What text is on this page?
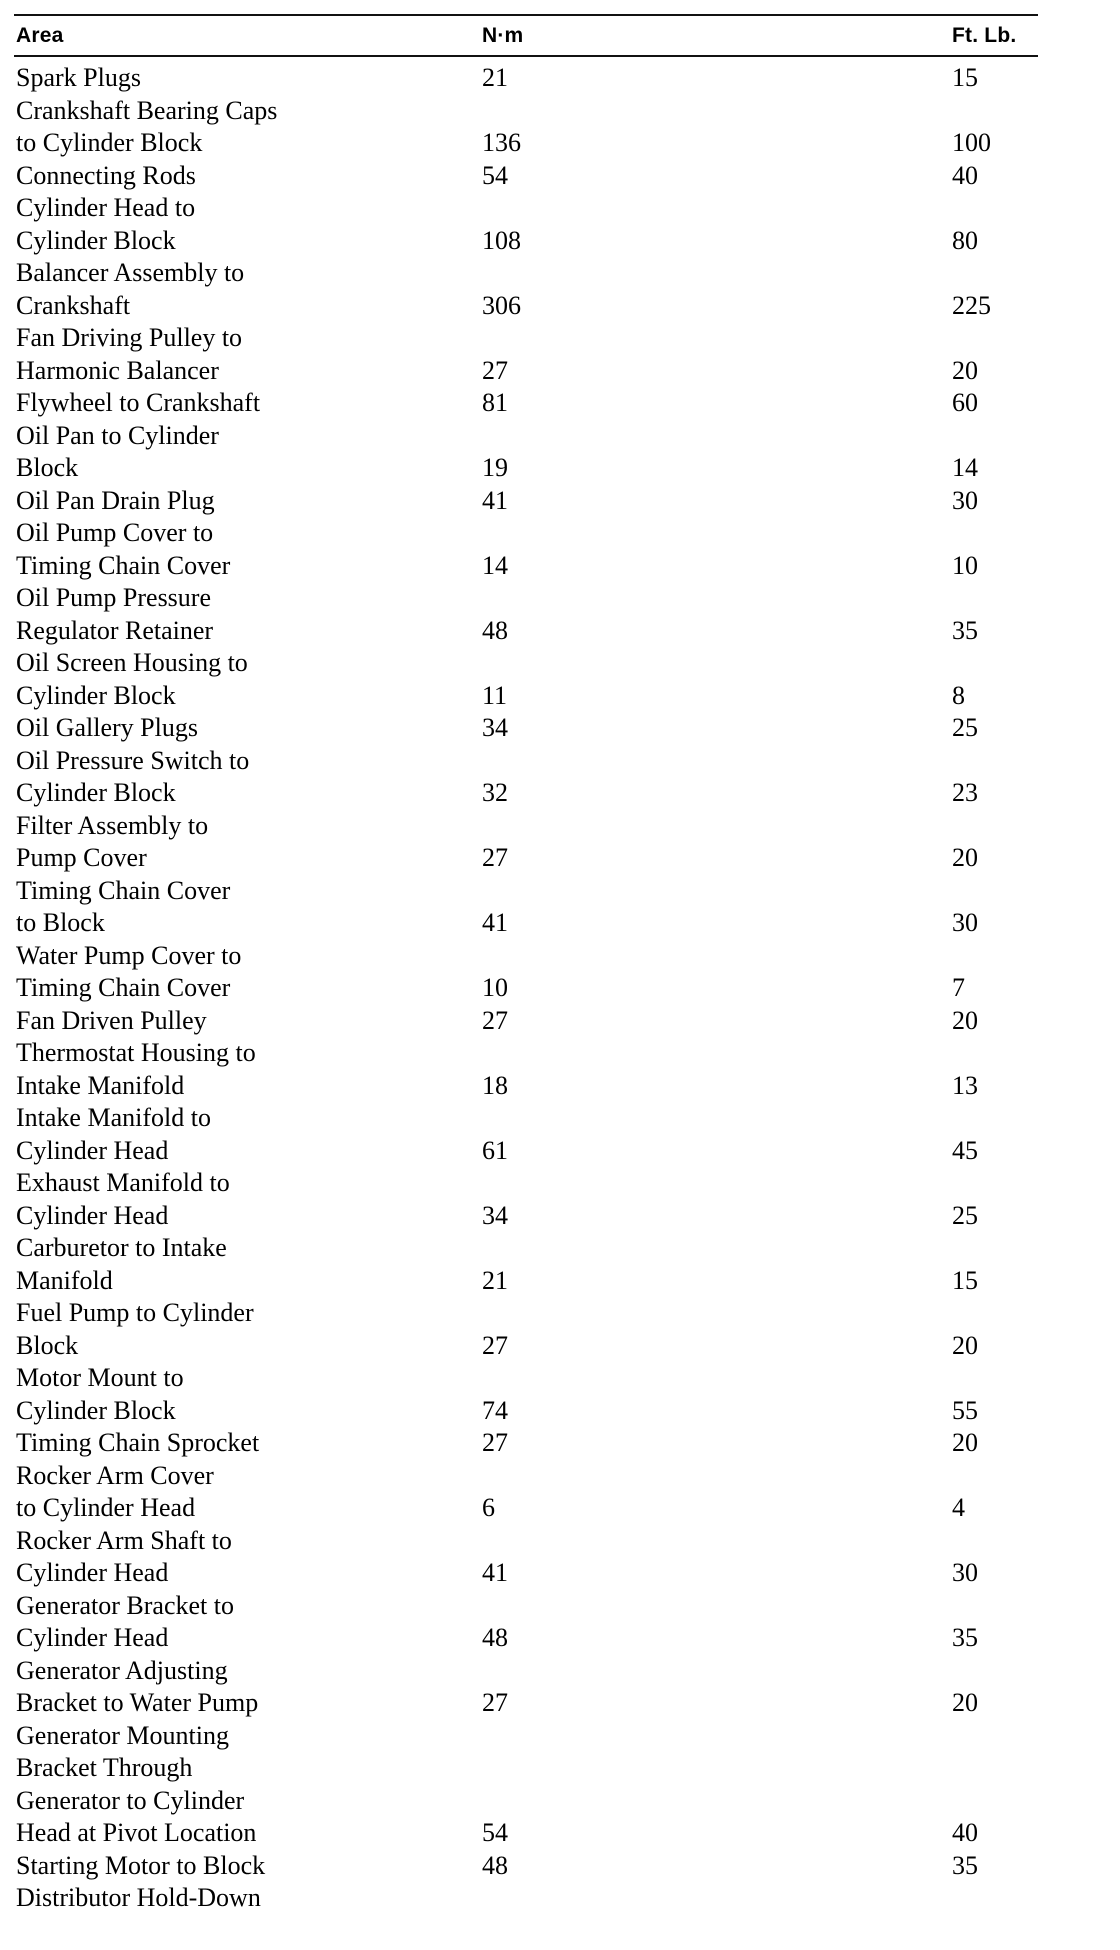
Area	N·m	Ft. Lb.
Spark Plugs	21	15
Crankshaft Bearing Caps
to Cylinder Block	136	100
Connecting Rods	54	40
Cylinder Head to
Cylinder Block	108	80
Balancer Assembly to
Crankshaft	306	225
Fan Driving Pulley to
Harmonic Balancer	27	20
Flywheel to Crankshaft	81	60
Oil Pan to Cylinder
Block	19	14
Oil Pan Drain Plug	41	30
Oil Pump Cover to
Timing Chain Cover	14	10
Oil Pump Pressure
Regulator Retainer	48	35
Oil Screen Housing to
Cylinder Block	11	8
Oil Gallery Plugs	34	25
Oil Pressure Switch to
Cylinder Block	32	23
Filter Assembly to
Pump Cover	27	20
Timing Chain Cover
to Block	41	30
Water Pump Cover to
Timing Chain Cover	10	7
Fan Driven Pulley	27	20
Thermostat Housing to
Intake Manifold	18	13
Intake Manifold to
Cylinder Head	61	45
Exhaust Manifold to
Cylinder Head	34	25
Carburetor to Intake
Manifold	21	15
Fuel Pump to Cylinder
Block	27	20
Motor Mount to
Cylinder Block	74	55
Timing Chain Sprocket	27	20
Rocker Arm Cover
to Cylinder Head	6	4
Rocker Arm Shaft to
Cylinder Head	41	30
Generator Bracket to
Cylinder Head	48	35
Generator Adjusting
Bracket to Water Pump	27	20
Generator Mounting
Bracket Through
Generator to Cylinder
Head at Pivot Location	54	40
Starting Motor to Block	48	35
Distributor Hold-Down
